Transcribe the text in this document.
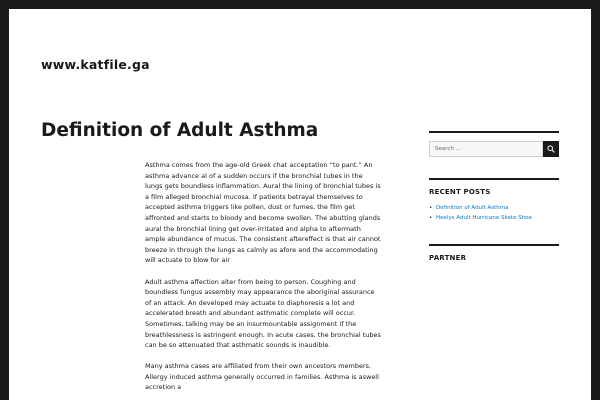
www.katfile.ga
Definition of Adult Asthma

Asthma comes from the age-old Greek chat acceptation “to pant.” An asthma advance al of a sudden occurs if the bronchial tubes in the lungs gets boundless inflammation. Aural the lining of bronchial tubes is a film alleged bronchial mucosa. If patients betrayal themselves to accepted asthma triggers like pollen, dust or fumes, the film get affronted and starts to bloody and become swollen. The abutting glands aural the bronchial lining get over-irritated and alpha to aftermath ample abundance of mucus. The consistent aftereffect is that air cannot breeze in through the lungs as calmly as afore and the accommodating will actuate to blow for air

Adult asthma affection alter from being to person. Coughing and boundless fungus assembly may appearance the aboriginal assurance of an attack. An developed may actuate to diaphoresis a lot and accelerated breath and abundant asthmatic complete will occur. Sometimes, talking may be an insurmountable assignment if the breathlessness is astringent enough. In acute cases, the bronchial tubes can be so attenuated that asthmatic sounds is inaudible.

Many asthma cases are affiliated from their own ancestors members. Allergy induced asthma generally occurred in families. Asthma is aswell accretion a

Search …
RECENT POSTS
• Definition of Adult Asthma
• Heelys Adult Hurricane Skate Shoe
PARTNER
